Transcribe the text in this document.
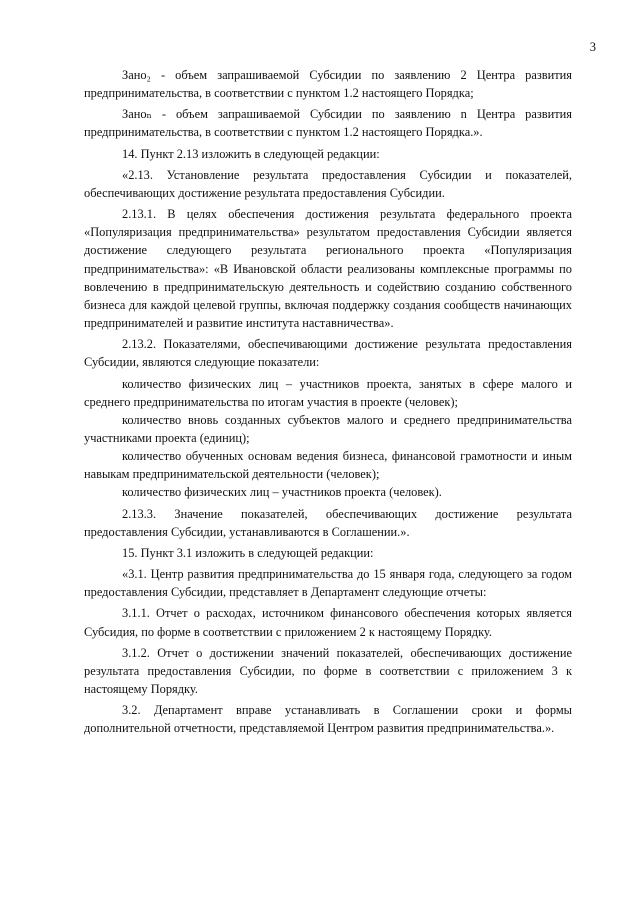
3

Зано₂ - объем запрашиваемой Субсидии по заявлению 2 Центра развития предпринимательства, в соответствии с пунктом 1.2 настоящего Порядка;

Заноₙ - объем запрашиваемой Субсидии по заявлению n Центра развития предпринимательства, в соответствии с пунктом 1.2 настоящего Порядка.».

14. Пункт 2.13 изложить в следующей редакции:

«2.13. Установление результата предоставления Субсидии и показателей, обеспечивающих достижение результата предоставления Субсидии.

2.13.1. В целях обеспечения достижения результата федерального проекта «Популяризация предпринимательства» результатом предоставления Субсидии является достижение следующего результата регионального проекта «Популяризация предпринимательства»: «В Ивановской области реализованы комплексные программы по вовлечению в предпринимательскую деятельность и содействию созданию собственного бизнеса для каждой целевой группы, включая поддержку создания сообществ начинающих предпринимателей и развитие института наставничества».

2.13.2. Показателями, обеспечивающими достижение результата предоставления Субсидии, являются следующие показатели:

количество физических лиц – участников проекта, занятых в сфере малого и среднего предпринимательства по итогам участия в проекте (человек);

количество вновь созданных субъектов малого и среднего предпринимательства участниками проекта (единиц);

количество обученных основам ведения бизнеса, финансовой грамотности и иным навыкам предпринимательской деятельности (человек);

количество физических лиц – участников проекта (человек).

2.13.3. Значение показателей, обеспечивающих достижение результата предоставления Субсидии, устанавливаются в Соглашении.».

15. Пункт 3.1 изложить в следующей редакции:

«3.1. Центр развития предпринимательства до 15 января года, следующего за годом предоставления Субсидии, представляет в Департамент следующие отчеты:

3.1.1. Отчет о расходах, источником финансового обеспечения которых является Субсидия, по форме в соответствии с приложением 2 к настоящему Порядку.

3.1.2. Отчет о достижении значений показателей, обеспечивающих достижение результата предоставления Субсидии, по форме в соответствии с приложением 3 к настоящему Порядку.

3.2. Департамент вправе устанавливать в Соглашении сроки и формы дополнительной отчетности, представляемой Центром развития предпринимательства.».
